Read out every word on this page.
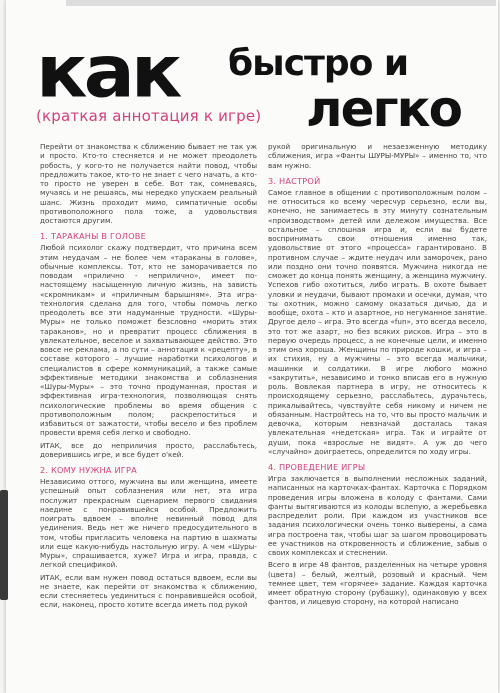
как быстро и
легко
(краткая аннотация к игре)

Перейти от знакомства к сближению бывает не так уж и просто. Кто-то стесняется и не может преодолеть робость, у кого-то не получается найти повод, чтобы предложить такое, кто-то не знает с чего начать, а кто-то просто не уверен в себе. Вот так, сомневаясь, мучаясь и не решаясь, мы нередко упускаем реальный шанс. Жизнь проходит мимо, симпатичные особы противоположного пола тоже, а удовольствия достаются другим.

1. ТАРАКАНЫ В ГОЛОВЕ

Любой психолог скажу подтвердит, что причина всем этим неудачам – не более чем «тараканы в голове», обычные комплексы. Тот, кто не заморачивается по поводам «приличнo - неприлично», имеет по-настоящему насыщенную личную жизнь, на зависть «скромникам» и «приличным барышням». Эта игра-технология сделана для того, чтобы помочь легко преодолеть все эти надуманные трудности. «Шуры-Муры» не только поможет безсловно «морить этих тараканов», но и превратит процесс сближения в увлекательное, веселое и захватывающее действо. Это вовсе не реклама, а по сути – аннотация к «рецепту», в составе которого – лучшие наработки психологов и специалистов в сфере коммуникаций, а также самые эффективные методики знакомства и соблазнения «Шуры-Муры» – это точно продуманная, простая и эффективная игра-технология, позволяющая снять психологические проблемы во время общения с противоположным полом; раскрепоститься и избавиться от зажатости, чтобы весело и без проблем провести время себя легко и свободно.

ИТАК, все до неприличия просто, расслабьтесь, доверившись игре, и все будет о'кей.

2. КОМУ НУЖНА ИГРА

Независимо оттого, мужчина вы или женщина, имеете успешный опыт соблазнения или нет, эта игра послужит прекрасным сценарием первого свидания наедине с понравившейся особой. Предложить поиграть вдвоем – вполне невинный повод для уединения. Ведь нет же ничего предосудительного в том, чтобы пригласить человека на партию в шахматы или еще какую-нибудь настольную игру. А чем «Шуры-Муры», спрашивается, хуже? Игра и игра, правда, с легкой спецификой.

ИТАК, если вам нужен повод остаться вдвоем, если вы не знаете, как перейти от знакомства к сближению, если стесняетесь уединиться с понравившейся особой, если, наконец, просто хотите всегда иметь под рукой

рукой оригинальную и незаезженную методику сближения, игра «Фанты ШУРЫ-МУРЫ» – именно то, что вам нужно.

3. НАСТРОЙ

Самое главное в общении с противоположным полом – не относиться ко всему чересчур серьезно, если вы, конечно, не занимаетесь в эту минуту сознательным «производством» детей или дележом имущества. Все остальное – сплошная игра и, если вы будете воспринимать свои отношения именно так, удовольствие от этого «процесса» гарантировано. В противном случае – ждите неудач или заморочек, рано или поздно они точно появятся. Мужчина никогда не сможет до конца понять женщину, а женщина мужчину. Успехов гибо охотиться, либо играть. В охоте бывает уловки и неудачи, бывают промахи и осечки, думая, что ты охотник, можно самому оказаться дичью, да и вообще, охота – кто и азартное, но негуманное занятие. Другое дело – игра. Это всегда «fun», это всегда весело, это тот же азарт, но без всяких рисков. Игра – это в первую очередь процесс, а не конечные цели, и именно этим она хороша. Женщины по природе кошки, и игра – их стихия, ну а мужчины – это всегда мальчики, машинки и солдатики. В игре любого можно «закрутить», независимо и тонко вписав его в нужную роль. Вовлекая партнера в игру, не относитесь к происходящему серьезно, расслабьтесь, дурачьтесь, прикалывайтесь, чувствуйте себя никому и ничем не обязанным. Настройтесь на то, что вы просто мальчик и девочка, которым невзначай досталась такая увлекательная «недетская» игра. Так и играйте от души, пока «взрослые не видят». А уж до чего «случайно» доиграетесь, определится по ходу игры.

4. ПРОВЕДЕНИЕ ИГРЫ

Игра заключается в выполнении несложных заданий, написанных на карточках-фантах. Карточка с Порядком проведения игры вложена в колоду с фантами. Сами фанты вытягиваются из колоды вслепую, а жеребьевка распределит роли. При каждом из участников все задания психологически очень тонко выверены, а сама игра построена так, чтобы шаг за шагом провоцировать ее участников на откровенность и сближение, забыв о своих комплексах и стеснении.

Всего в игре 48 фантов, разделенных на четыре уровня (цвета) – белый, желтый, розовый и красный. Чем темнее цвет, тем «горячее» задание. Каждая карточка имеет обратную сторону (рубашку), одинаковую у всех фантов, и лицевую сторону, на которой написано
